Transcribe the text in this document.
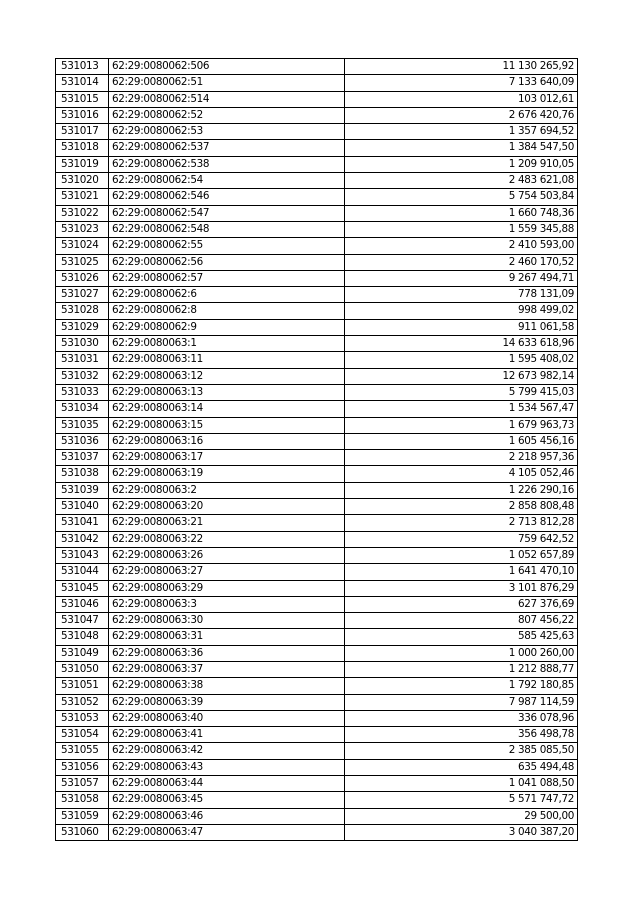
531013	62:29:0080062:506	11 130 265,92
531014	62:29:0080062:51	7 133 640,09
531015	62:29:0080062:514	103 012,61
531016	62:29:0080062:52	2 676 420,76
531017	62:29:0080062:53	1 357 694,52
531018	62:29:0080062:537	1 384 547,50
531019	62:29:0080062:538	1 209 910,05
531020	62:29:0080062:54	2 483 621,08
531021	62:29:0080062:546	5 754 503,84
531022	62:29:0080062:547	1 660 748,36
531023	62:29:0080062:548	1 559 345,88
531024	62:29:0080062:55	2 410 593,00
531025	62:29:0080062:56	2 460 170,52
531026	62:29:0080062:57	9 267 494,71
531027	62:29:0080062:6	778 131,09
531028	62:29:0080062:8	998 499,02
531029	62:29:0080062:9	911 061,58
531030	62:29:0080063:1	14 633 618,96
531031	62:29:0080063:11	1 595 408,02
531032	62:29:0080063:12	12 673 982,14
531033	62:29:0080063:13	5 799 415,03
531034	62:29:0080063:14	1 534 567,47
531035	62:29:0080063:15	1 679 963,73
531036	62:29:0080063:16	1 605 456,16
531037	62:29:0080063:17	2 218 957,36
531038	62:29:0080063:19	4 105 052,46
531039	62:29:0080063:2	1 226 290,16
531040	62:29:0080063:20	2 858 808,48
531041	62:29:0080063:21	2 713 812,28
531042	62:29:0080063:22	759 642,52
531043	62:29:0080063:26	1 052 657,89
531044	62:29:0080063:27	1 641 470,10
531045	62:29:0080063:29	3 101 876,29
531046	62:29:0080063:3	627 376,69
531047	62:29:0080063:30	807 456,22
531048	62:29:0080063:31	585 425,63
531049	62:29:0080063:36	1 000 260,00
531050	62:29:0080063:37	1 212 888,77
531051	62:29:0080063:38	1 792 180,85
531052	62:29:0080063:39	7 987 114,59
531053	62:29:0080063:40	336 078,96
531054	62:29:0080063:41	356 498,78
531055	62:29:0080063:42	2 385 085,50
531056	62:29:0080063:43	635 494,48
531057	62:29:0080063:44	1 041 088,50
531058	62:29:0080063:45	5 571 747,72
531059	62:29:0080063:46	29 500,00
531060	62:29:0080063:47	3 040 387,20
